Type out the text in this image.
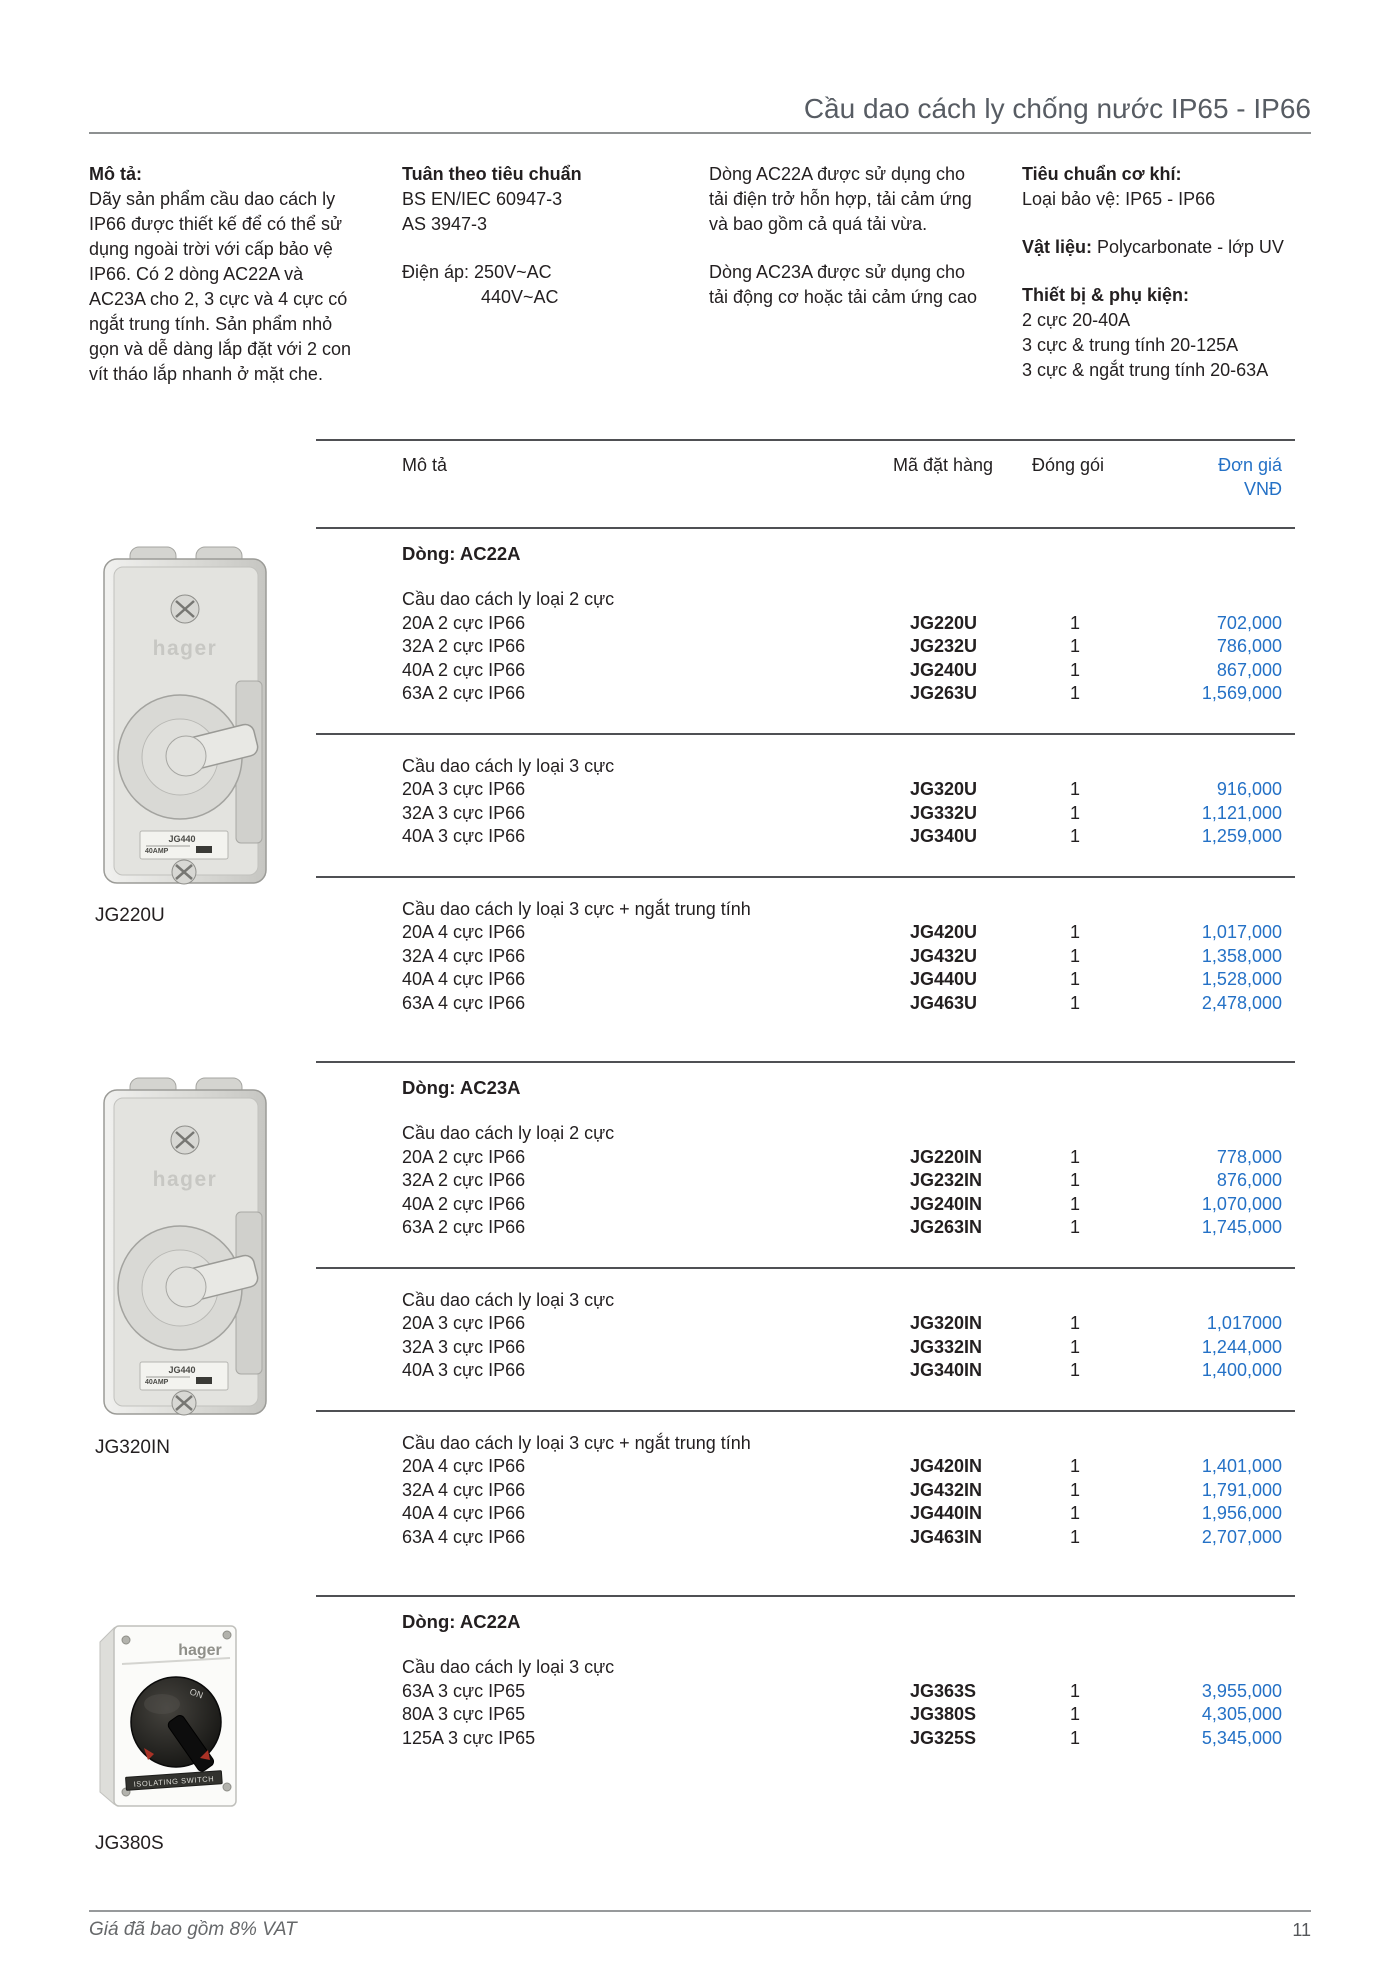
Cầu dao cách ly chống nước IP65 - IP66
Mô tả:
Dãy sản phẩm cầu dao cách ly IP66 được thiết kế để có thể sử dụng ngoài trời với cấp bảo vệ IP66. Có 2 dòng AC22A và AC23A cho 2, 3 cực và 4 cực có ngắt trung tính. Sản phẩm nhỏ gọn và dễ dàng lắp đặt với 2 con vít tháo lắp nhanh ở mặt che.
Tuân theo tiêu chuẩn
BS EN/IEC 60947-3
AS 3947-3
Điện áp: 250V~AC
440V~AC
Dòng AC22A được sử dụng cho tải điện trở hỗn hợp, tải cảm ứng và bao gồm cả quá tải vừa.
Dòng AC23A được sử dụng cho tải động cơ hoặc tải cảm ứng cao
Tiêu chuẩn cơ khí:
Loại bảo vệ: IP65 - IP66
Vật liệu: Polycarbonate - lớp UV
Thiết bị & phụ kiện:
2 cực 20-40A
3 cực & trung tính 20-125A
3 cực & ngắt trung tính 20-63A
Mô tả	Mã đặt hàng	Đóng gói	Đơn giá
VNĐ
Dòng: AC22A
Cầu dao cách ly loại 2 cực
20A 2 cực IP66	JG220U	1	702,000
32A 2 cực IP66	JG232U	1	786,000
40A 2 cực IP66	JG240U	1	867,000
63A 2 cực IP66	JG263U	1	1,569,000
Cầu dao cách ly loại 3 cực
20A 3 cực IP66	JG320U	1	916,000
32A 3 cực IP66	JG332U	1	1,121,000
40A 3 cực IP66	JG340U	1	1,259,000
Cầu dao cách ly loại 3 cực + ngắt trung tính
20A 4 cực IP66	JG420U	1	1,017,000
32A 4 cực IP66	JG432U	1	1,358,000
40A 4 cực IP66	JG440U	1	1,528,000
63A 4 cực IP66	JG463U	1	2,478,000
Dòng: AC23A
Cầu dao cách ly loại 2 cực
20A 2 cực IP66	JG220IN	1	778,000
32A 2 cực IP66	JG232IN	1	876,000
40A 2 cực IP66	JG240IN	1	1,070,000
63A 2 cực IP66	JG263IN	1	1,745,000
Cầu dao cách ly loại 3 cực
20A 3 cực IP66	JG320IN	1	1,017000
32A 3 cực IP66	JG332IN	1	1,244,000
40A 3 cực IP66	JG340IN	1	1,400,000
Cầu dao cách ly loại 3 cực + ngắt trung tính
20A 4 cực IP66	JG420IN	1	1,401,000
32A 4 cực IP66	JG432IN	1	1,791,000
40A 4 cực IP66	JG440IN	1	1,956,000
63A 4 cực IP66	JG463IN	1	2,707,000
Dòng: AC22A
Cầu dao cách ly loại 3 cực
63A 3 cực IP65	JG363S	1	3,955,000
80A 3 cực IP65	JG380S	1	4,305,000
125A 3 cực IP65	JG325S	1	5,345,000
hager
JG440
40AMP
JG220U
hager
JG440
40AMP
JG320IN
hager
ON
ISOLATING SWITCH
JG380S
Giá đã bao gồm 8% VAT	11
